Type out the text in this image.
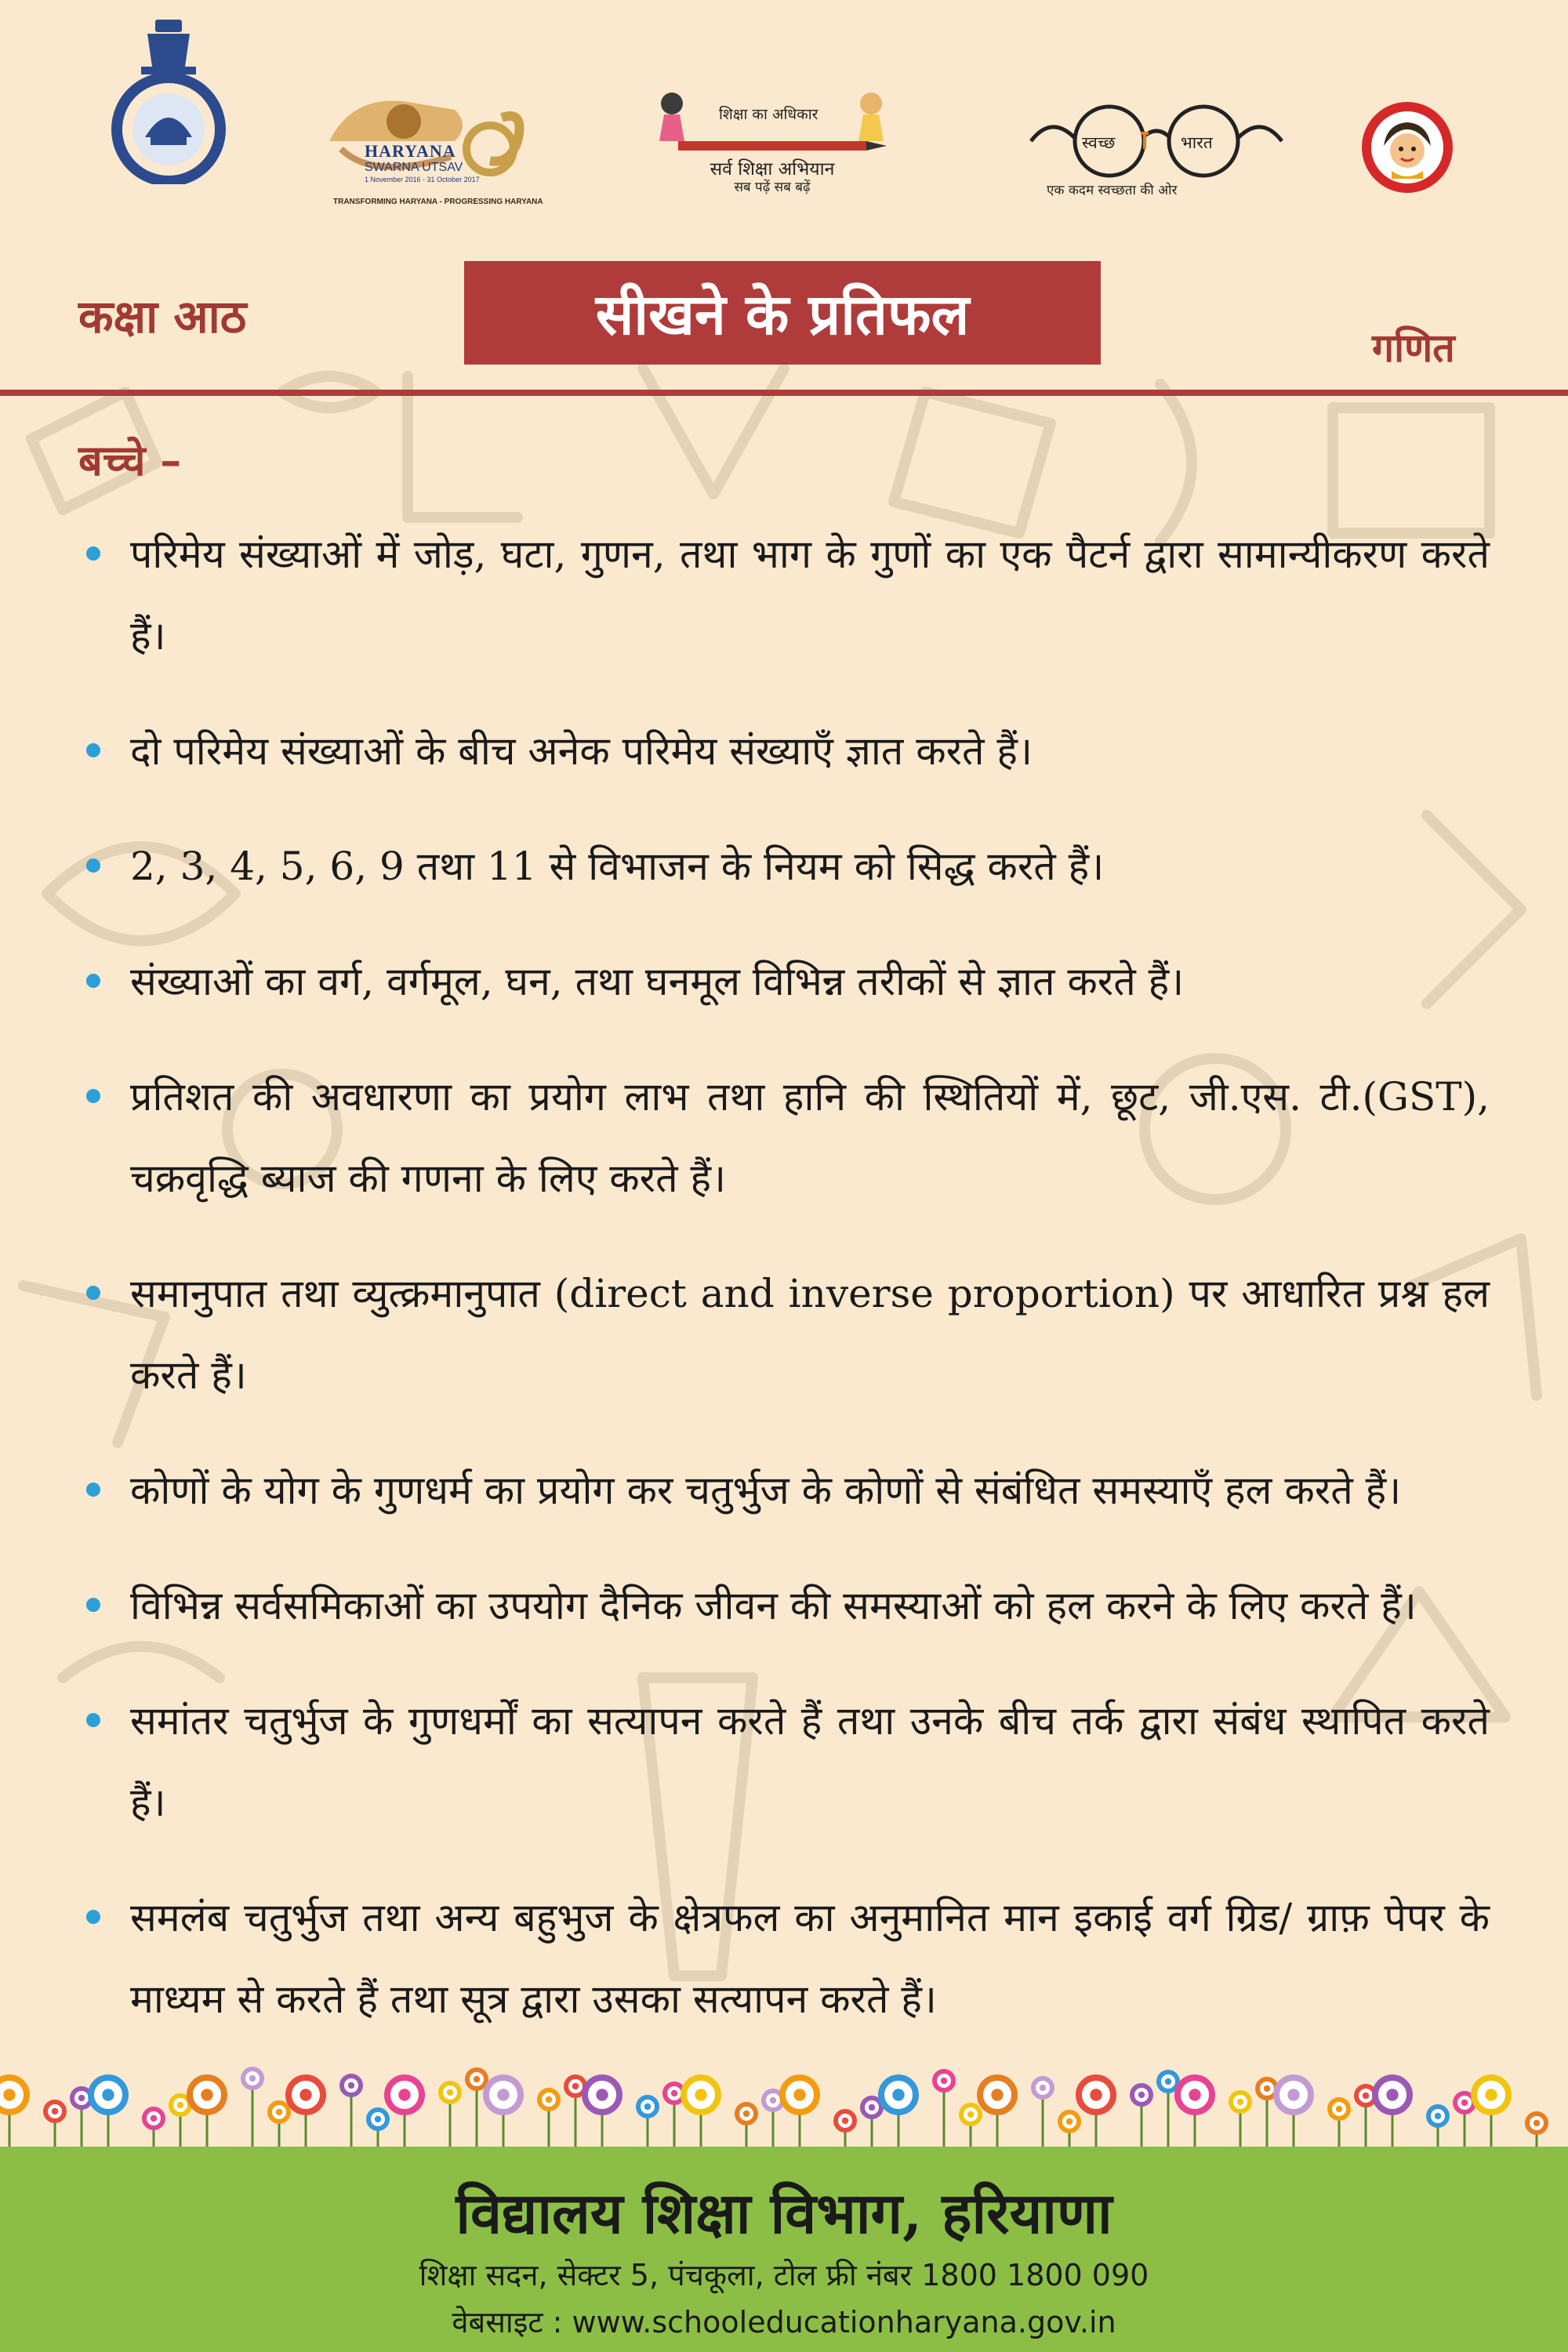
HARYANA
SWARNA UTSAV
1 November 2016 - 31 October 2017
TRANSFORMING HARYANA - PROGRESSING HARYANA
शिक्षा का अधिकार
सर्व शिक्षा अभियान
सब पढ़ें सब बढ़ें
स्वच्छ	भारत
एक कदम स्वच्छता की ओर
कक्षा आठ	सीखने के प्रतिफल
गणित
बच्चे –
परिमेय संख्याओं में जोड़, घटा, गुणन, तथा भाग के गुणों का एक पैटर्न द्वारा सामान्यीकरण करते हैं।
दो परिमेय संख्याओं के बीच अनेक परिमेय संख्याएँ ज्ञात करते हैं।
2, 3, 4, 5, 6, 9 तथा 11 से विभाजन के नियम को सिद्ध करते हैं।
संख्याओं का वर्ग, वर्गमूल, घन, तथा घनमूल विभिन्न तरीकों से ज्ञात करते हैं।
प्रतिशत की अवधारणा का प्रयोग लाभ तथा हानि की स्थितियों में, छूट, जी.एस. टी.(GST), चक्रवृद्धि ब्याज की गणना के लिए करते हैं।
समानुपात तथा व्युत्क्रमानुपात (direct and inverse proportion) पर आधारित प्रश्न हल करते हैं।
कोणों के योग के गुणधर्म का प्रयोग कर चतुर्भुज के कोणों से संबंधित समस्याएँ हल करते हैं।
विभिन्न सर्वसमिकाओं का उपयोग दैनिक जीवन की समस्याओं को हल करने के लिए करते हैं।
समांतर चतुर्भुज के गुणधर्मों का सत्यापन करते हैं तथा उनके बीच तर्क द्वारा संबंध स्थापित करते हैं।
समलंब चतुर्भुज तथा अन्य बहुभुज के क्षेत्रफल का अनुमानित मान इकाई वर्ग ग्रिड/ ग्राफ़ पेपर के माध्यम से करते हैं तथा सूत्र द्वारा उसका सत्यापन करते हैं।
विद्यालय शिक्षा विभाग, हरियाणा
शिक्षा सदन, सेक्टर 5, पंचकूला, टोल फ्री नंबर 1800 1800 090
वेबसाइट : www.schooleducationharyana.gov.in
